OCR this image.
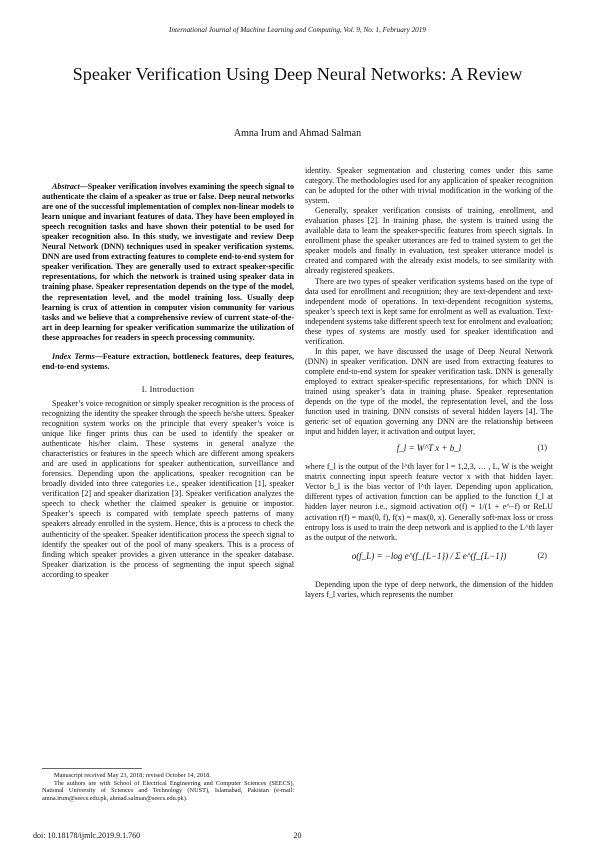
International Journal of Machine Learning and Computing, Vol. 9, No. 1, February 2019
Speaker Verification Using Deep Neural Networks: A Review
Amna Irum and Ahmad Salman

Abstract—Speaker verification involves examining the speech signal to authenticate the claim of a speaker as true or false. Deep neural networks are one of the successful implementation of complex non-linear models to learn unique and invariant features of data. They have been employed in speech recognition tasks and have shown their potential to be used for speaker recognition also. In this study, we investigate and review Deep Neural Network (DNN) techniques used in speaker verification systems. DNN are used from extracting features to complete end-to-end system for speaker verification. They are generally used to extract speaker-specific representations, for which the network is trained using speaker data in training phase. Speaker representation depends on the type of the model, the representation level, and the model training loss. Usually deep learning is crux of attention in computer vision community for various tasks and we believe that a comprehensive review of current state-of-the-art in deep learning for speaker verification summarize the utilization of these approaches for readers in speech processing community.

Index Terms—Feature extraction, bottleneck features, deep features, end-to-end systems.

I. Introduction

Speaker’s voice recognition or simply speaker recognition is the process of recognizing the identity the speaker through the speech he/she utters. Speaker recognition system works on the principle that every speaker’s voice is unique like finger prints thus can be used to identify the speaker or authenticate his/her claim. These systems in general analyze the characteristics or features in the speech which are different among speakers and are used in applications for speaker authentication, surveillance and forensics. Depending upon the applications, speaker recognition can be broadly divided into three categories i.e., speaker identification [1], speaker verification [2] and speaker diarization [3]. Speaker verification analyzes the speech to check whether the claimed speaker is genuine or impostor. Speaker’s speech is compared with template speech patterns of many speakers already enrolled in the system. Hence, this is a process to check the authenticity of the speaker. Speaker identification process the speech signal to identify the speaker out of the pool of many speakers. This is a process of finding which speaker provides a given utterance in the speaker database. Speaker diarization is the process of segmenting the input speech signal according to speaker

identity. Speaker segmentation and clustering comes under this same category. The methodologies used for any application of speaker recognition can be adopted for the other with trivial modification in the working of the system.

Generally, speaker verification consists of training, enrollment, and evaluation phases [2]. In training phase, the system is trained using the available data to learn the speaker-specific features from speech signals. In enrollment phase the speaker utterances are fed to trained system to get the speaker models and finally in evaluation, test speaker utterance model is created and compared with the already exist models, to see similarity with already registered speakers.

There are two types of speaker verification systems based on the type of data used for enrollment and recognition; they are text-dependent and text-independent mode of operations. In text-dependent recognition systems, speaker’s speech text is kept same for enrolment as well as evaluation. Text-independent systems take different speech text for enrolment and evaluation; these types of systems are mostly used for speaker identification and verification.

In this paper, we have discussed the usage of Deep Neural Network (DNN) in speaker verification. DNN are used from extracting features to complete end-to-end system for speaker verification task. DNN is generally employed to extract speaker-specific representations, for which DNN is trained using speaker’s data in training phase. Speaker representation depends on the type of the model, the representation level, and the loss function used in training. DNN consists of several hidden layers [4]. The generic set of equation governing any DNN are the relationship between input and hidden layer, it activation and output layer,

f_l = W^T x + b_l	(1)

where f_l is the output of the l^th layer for l = 1,2,3, … , L, W is the weight matrix connecting input speech feature vector x with that hidden layer. Vector b_l is the bias vector of l^th layer. Depending upon application, different types of activation function can be applied to the function f_l at hidden layer neuron i.e., sigmoid activation σ(f) = 1/(1 + e^−f) or ReLU activation r(f) = max(0, f), f(x) = max(0, x). Generally soft-max loss or cross entropy loss is used to train the deep network and is applied to the L^th layer as the output of the network.

o(f_L) = −log e^(f_{L−1}) / Σ e^(f_{L−1})	(2)

Depending upon the type of deep network, the dimension of the hidden layers f_l varies, which represents the number

Manuscript received May 23, 2018; revised October 14, 2018.

The authors are with School of Electrical Engineering and Computer Sciences (SEECS), National University of Sciences and Technology (NUST), Islamabad, Pakistan (e-mail: amna.irum@seecs.edu.pk, ahmad.salman@seecs.edu.pk).

doi: 10.18178/ijmlc.2019.9.1.760	20
